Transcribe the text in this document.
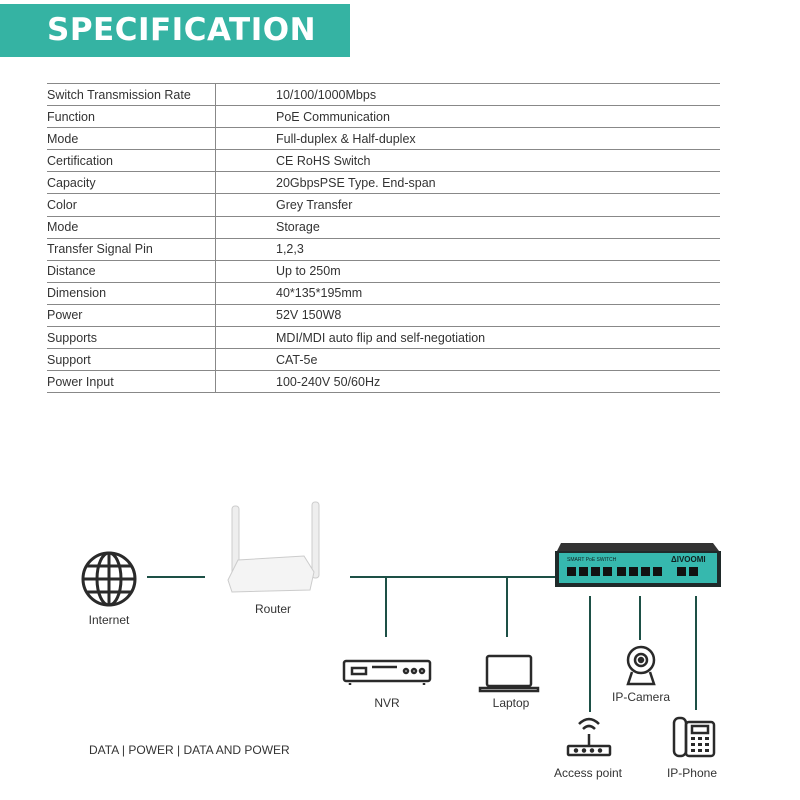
SPECIFICATION
Switch Transmission Rate	10/100/1000Mbps
Function	PoE Communication
Mode	Full-duplex & Half-duplex
Certification	CE RoHS Switch
Capacity	20GbpsPSE Type. End-span
Color	Grey Transfer
Mode	Storage
Transfer Signal Pin	1,2,3
Distance	Up to 250m
Dimension	40*135*195mm
Power	52V 150W8
Supports	MDI/MDI auto flip and self-negotiation
Support	CAT-5e
Power Input	100-240V 50/60Hz
Internet
Router
SMART PoE SWITCH	ΔIVOOMI
NVR	Laptop	IP-Camera
Access point	IP-Phone
DATA | POWER | DATA AND POWER
